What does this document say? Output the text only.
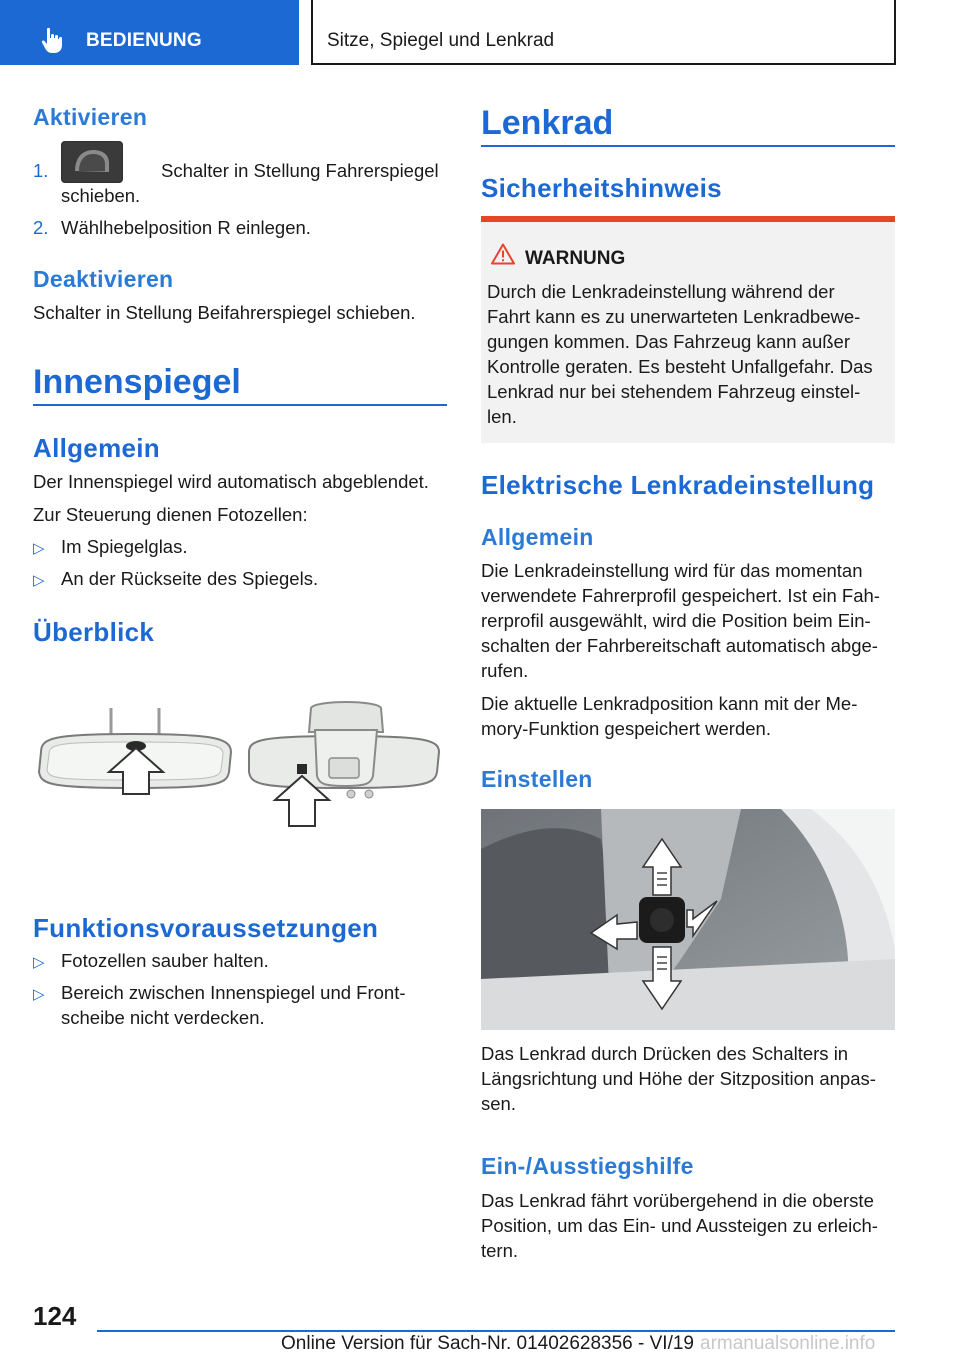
BEDIENUNG	Sitze, Spiegel und Lenkrad
Aktivieren
1.	Schalter in Stellung Fahrerspiegel
schieben.
2. Wählhebelposition R einlegen.
Deaktivieren
Schalter in Stellung Beifahrerspiegel schieben.
Innenspiegel
Allgemein
Der Innenspiegel wird automatisch abgeblendet.
Zur Steuerung dienen Fotozellen:
▷ Im Spiegelglas.
▷ An der Rückseite des Spiegels.
Überblick
Funktionsvoraussetzungen
▷ Fotozellen sauber halten.
▷ Bereich zwischen Innenspiegel und Front-
scheibe nicht verdecken.
Lenkrad
Sicherheitshinweis
WARNUNG
Durch die Lenkradeinstellung während der
Fahrt kann es zu unerwarteten Lenkradbewe-
gungen kommen. Das Fahrzeug kann außer
Kontrolle geraten. Es besteht Unfallgefahr. Das
Lenkrad nur bei stehendem Fahrzeug einstel-
len.
Elektrische Lenkradeinstellung
Allgemein
Die Lenkradeinstellung wird für das momentan
verwendete Fahrerprofil gespeichert. Ist ein Fah-
rerprofil ausgewählt, wird die Position beim Ein-
schalten der Fahrbereitschaft automatisch abge-
rufen.
Die aktuelle Lenkradposition kann mit der Me-
mory-Funktion gespeichert werden.
Einstellen
Das Lenkrad durch Drücken des Schalters in
Längsrichtung und Höhe der Sitzposition anpas-
sen.
Ein-/Ausstiegshilfe
Das Lenkrad fährt vorübergehend in die oberste
Position, um das Ein- und Aussteigen zu erleich-
tern.
124
Online Version für Sach-Nr. 01402628356 - VI/19 armanualsonline.info
